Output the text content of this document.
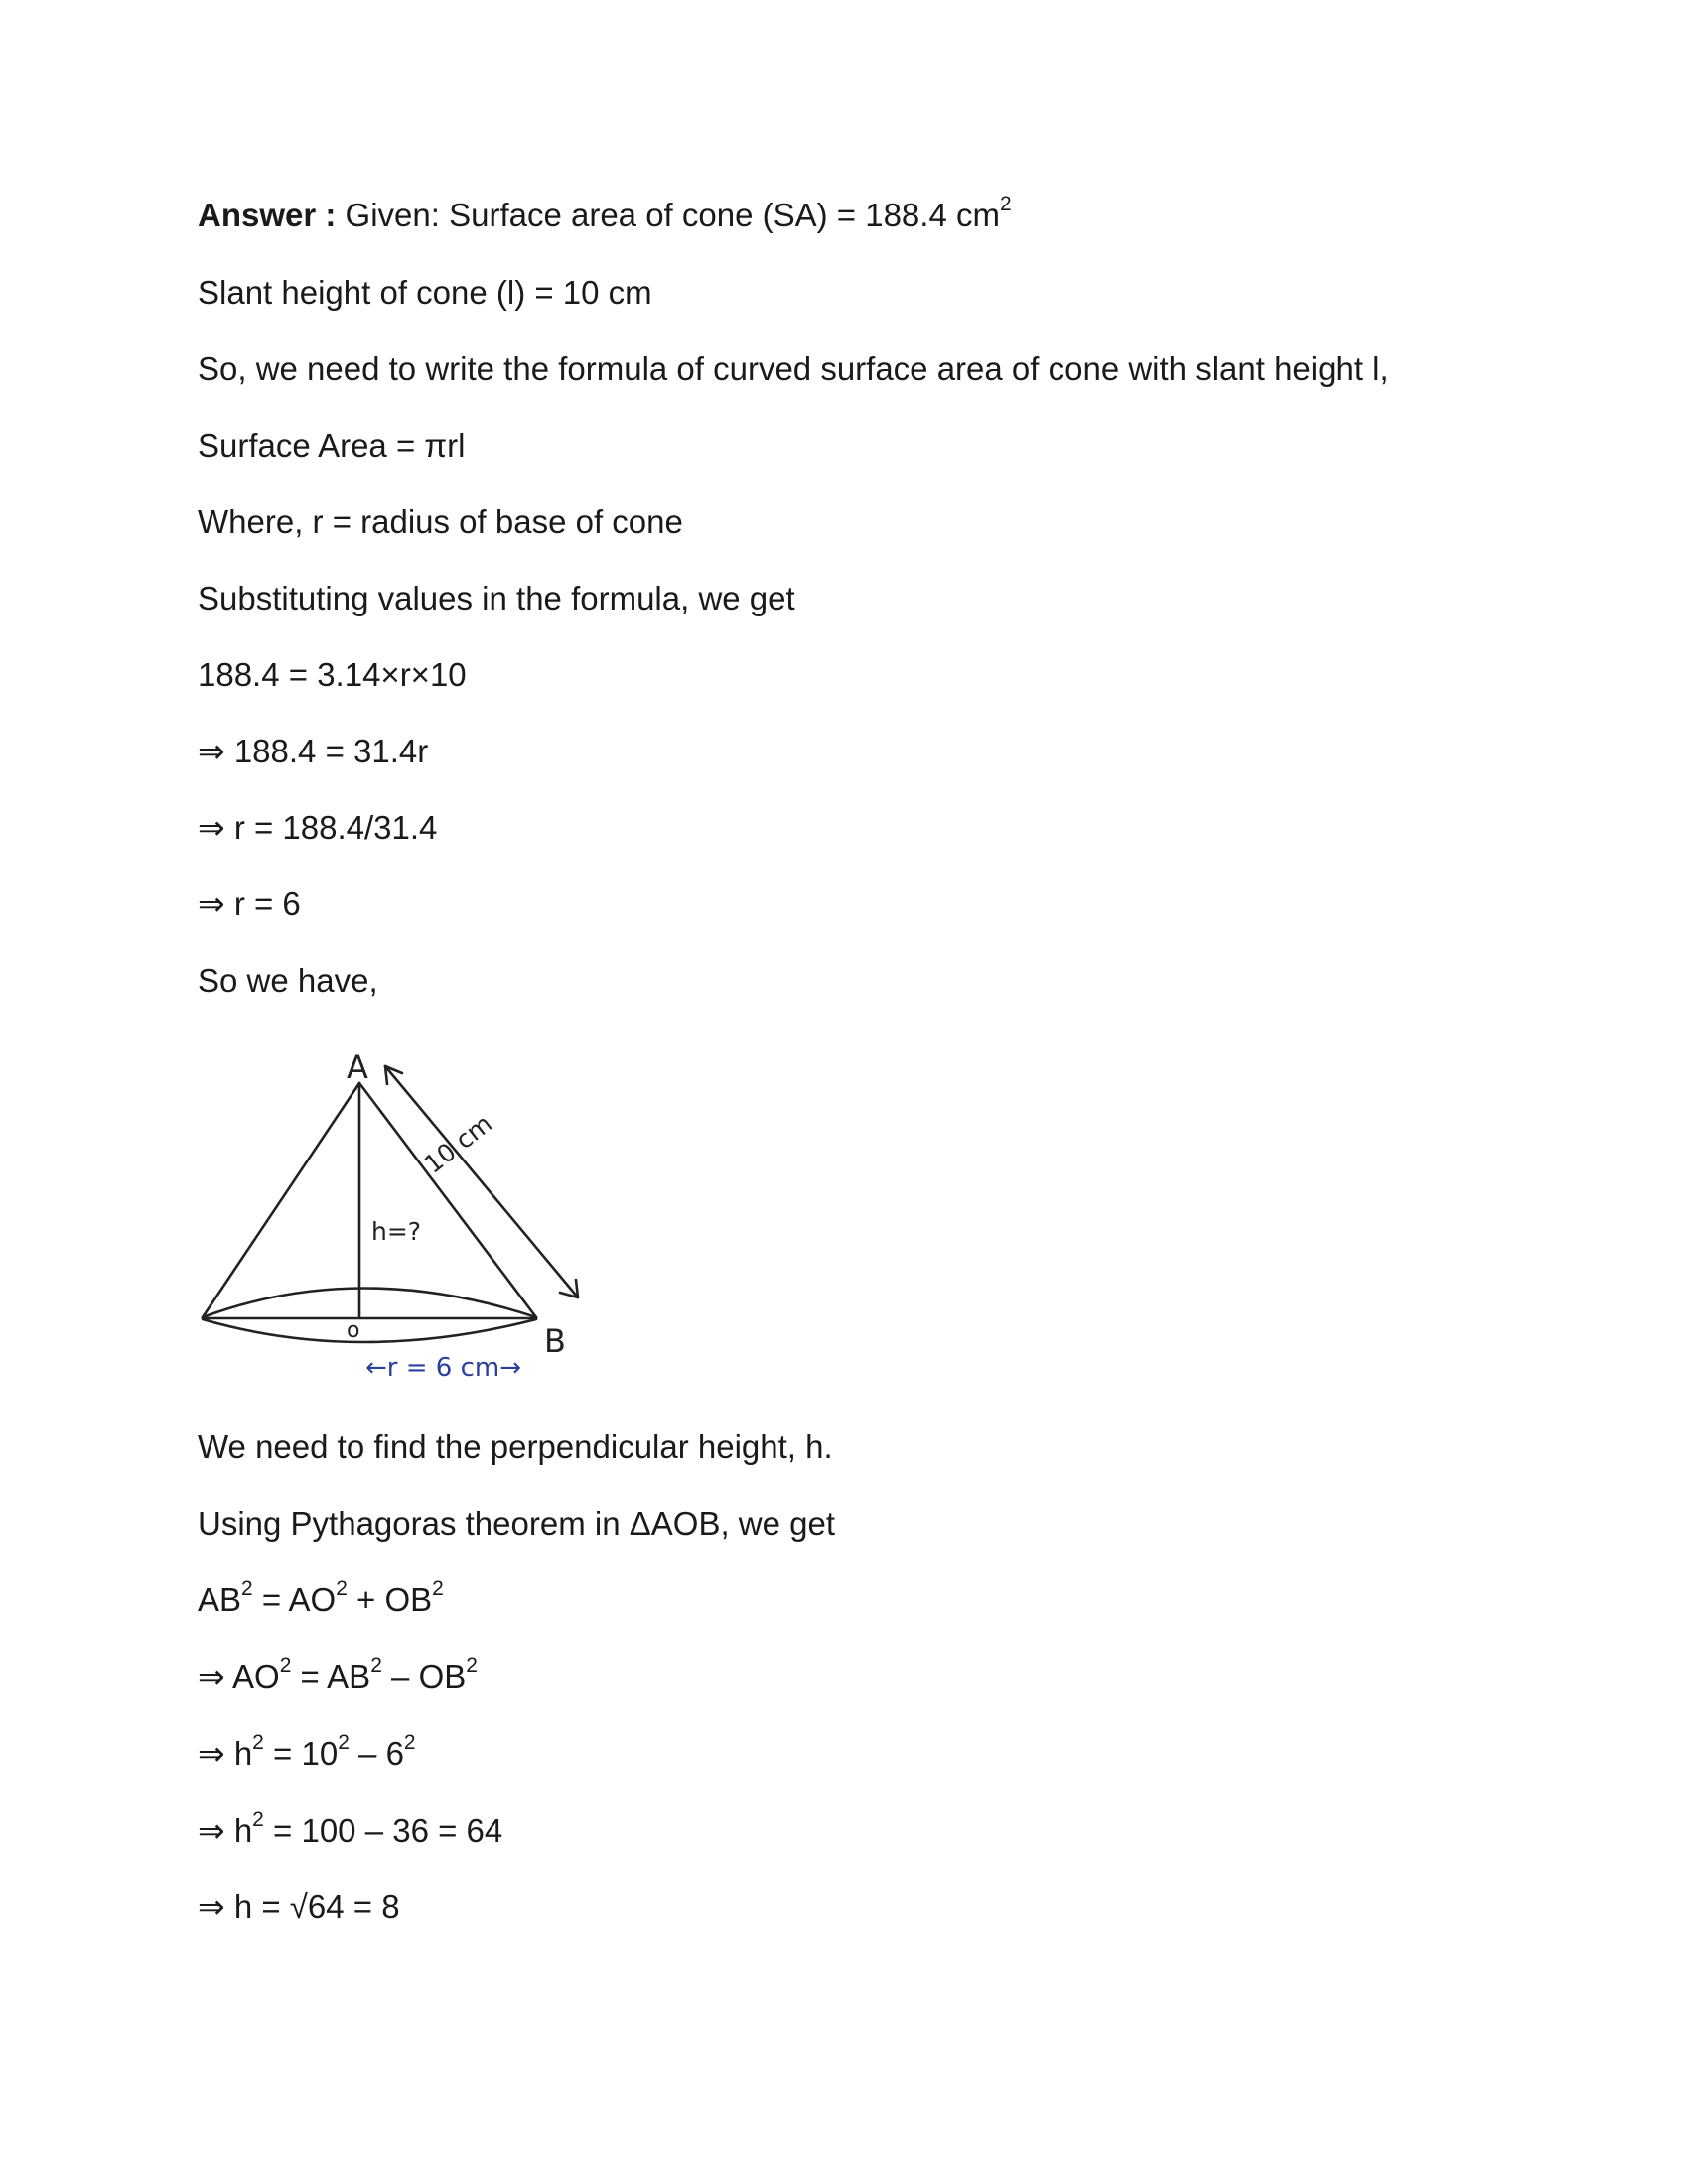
Answer : Given: Surface area of cone (SA) = 188.4 $cm^2$
Slant height of cone (l) = 10 cm
So, we need to write the formula of curved surface area of cone with slant height l,
Surface Area = πrl
Where, r = radius of base of cone
Substituting values in the formula, we get
188.4 = 3.14×r×10
⇒ 188.4 = 31.4r
⇒ r = 188.4/31.4
⇒ r = 6
So we have,
A
B
o
10 cm
h=?
←r = 6 cm→
We need to find the perpendicular height, h.
Using Pythagoras theorem in ΔAOB, we get
$AB^2 = AO^2 + OB^2$
⇒ $AO^2 = AB^2 - OB^2$
⇒ $h^2 = 10^2 - 6^2$
⇒ $h^2 = 100 - 36 = 64$
⇒ h = √64 = 8
